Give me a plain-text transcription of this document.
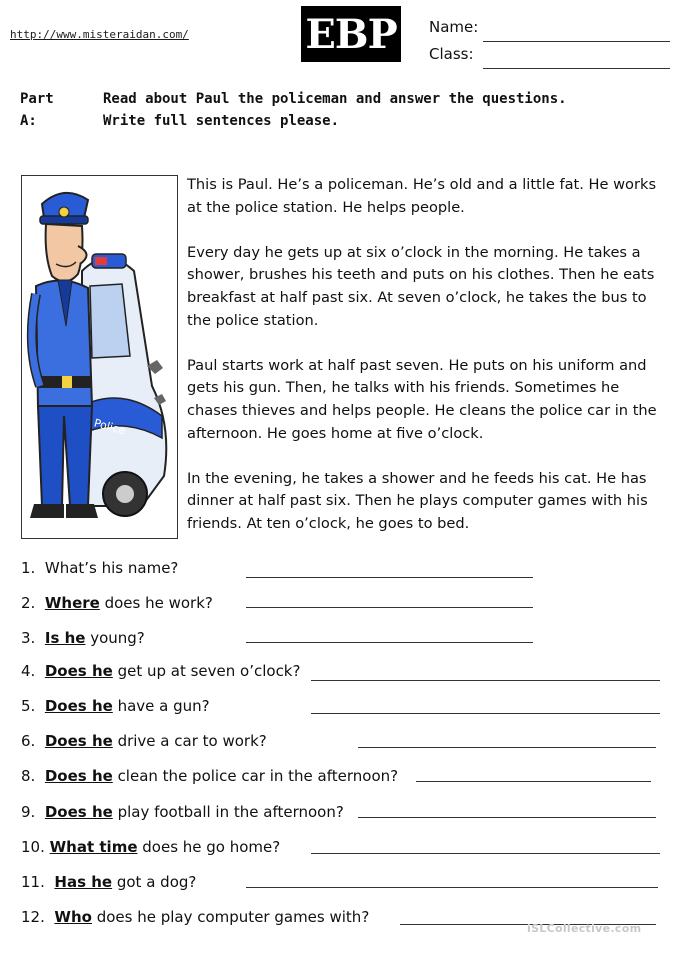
http://www.misteraidan.com/	EBP Name:
Class:
Part A:
Read about Paul the policeman and answer the questions.
Write full sentences please.
Police

This is Paul. He’s a policeman. He’s old and a little fat. He works at the police station. He helps people.

Every day he gets up at six o’clock in the morning. He takes a shower, brushes his teeth and puts on his clothes. Then he eats breakfast at half past six. At seven o’clock, he takes the bus to the police station.

Paul starts work at half past seven. He puts on his uniform and gets his gun. Then, he talks with his friends. Sometimes he chases thieves and helps people. He cleans the police car in the afternoon. He goes home at five o’clock.

In the evening, he takes a shower and he feeds his cat. He has dinner at half past six. Then he plays computer games with his friends. At ten o’clock, he goes to bed.

1. What’s his name?
2. Where does he work?
3. Is he young?
4. Does he get up at seven o’clock?
5. Does he have a gun?
6. Does he drive a car to work?
8. Does he clean the police car in the afternoon?
9. Does he play football in the afternoon?
10. What time does he go home?
11. Has he got a dog?
12. Who does he play computer games with?
iSLCollective.com
